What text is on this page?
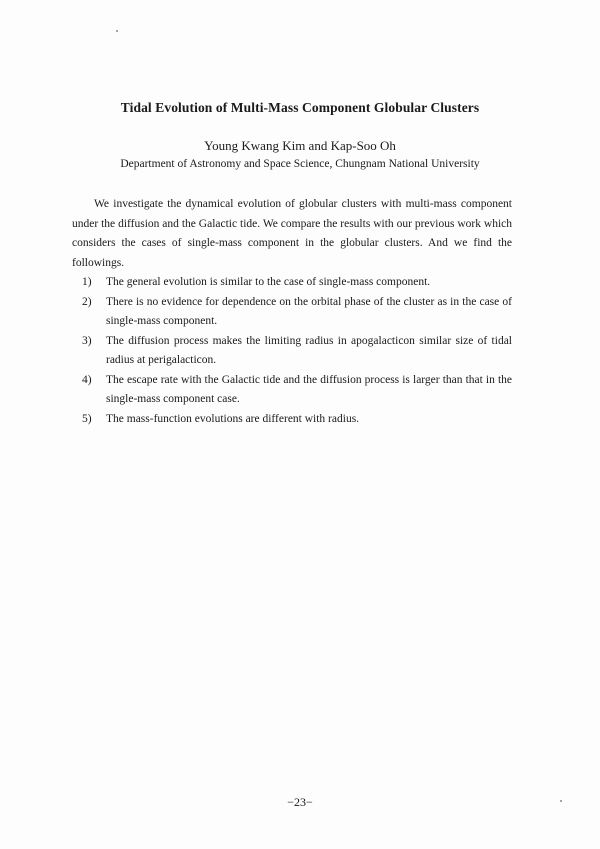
Tidal Evolution of Multi-Mass Component Globular Clusters
Young Kwang Kim and Kap-Soo Oh
Department of Astronomy and Space Science, Chungnam National University

We investigate the dynamical evolution of globular clusters with multi-mass component under the diffusion and the Galactic tide. We compare the results with our previous work which considers the cases of single-mass component in the globular clusters. And we find the followings.

1) The general evolution is similar to the case of single-mass component.
2) There is no evidence for dependence on the orbital phase of the cluster as in the case of single-mass component.
3) The diffusion process makes the limiting radius in apogalacticon similar size of tidal radius at perigalacticon.
4) The escape rate with the Galactic tide and the diffusion process is larger than that in the single-mass component case.
5) The mass-function evolutions are different with radius.
−23−
